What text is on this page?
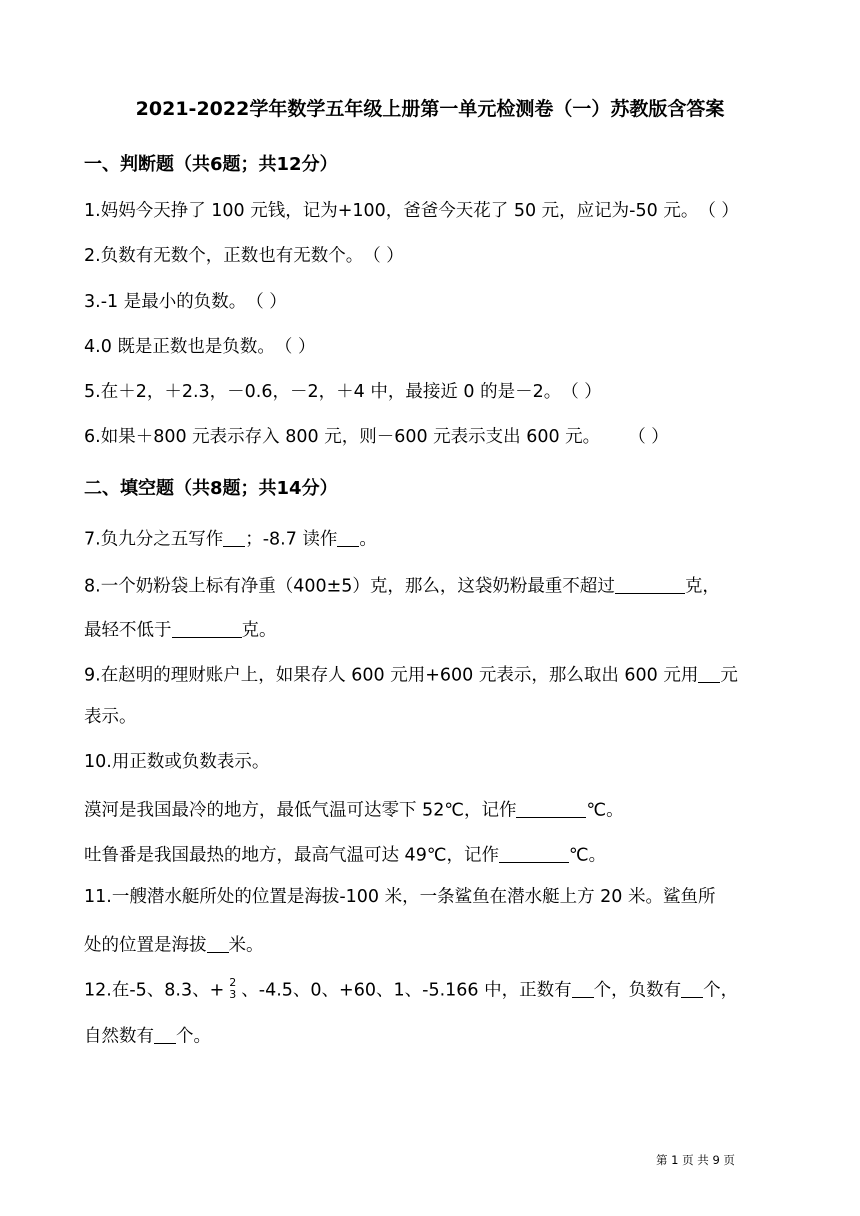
2021-2022学年数学五年级上册第一单元检测卷（一）苏教版含答案
一、判断题（共6题；共12分）
1.妈妈今天挣了 100 元钱，记为+100，爸爸今天花了 50 元，应记为-50 元。（ ）
2.负数有无数个，正数也有无数个。（ ）
3.-1 是最小的负数。（ ）
4.0 既是正数也是负数。（ ）
5.在＋2，＋2.3，－0.6，－2，＋4 中，最接近 0 的是－2。（ ）
6.如果＋800 元表示存入 800 元，则－600 元表示支出 600 元。 （ ）
二、填空题（共8题；共14分）
7.负九分之五写作 ；-8.7 读作 。
8.一个奶粉袋上标有净重（400±5）克，那么，这袋奶粉最重不超过	克，
最轻不低于	克。
9.在赵明的理财账户上，如果存人 600 元用+600 元表示，那么取出 600 元用 元
表示。
10.用正数或负数表示。
漠河是我国最冷的地方，最低气温可达零下 52℃，记作	℃。
吐鲁番是我国最热的地方，最高气温可达 49℃，记作	℃。
11.一艘潜水艇所处的位置是海拔-100 米，一条鲨鱼在潜水艇上方 20 米。鲨鱼所
处的位置是海拔 米。
12.在-5、8.3、+ 2
3 、-4.5、0、+60、1、-5.166 中，正数有 个，负数有 个，
自然数有 个。
第 1 页 共 9 页
